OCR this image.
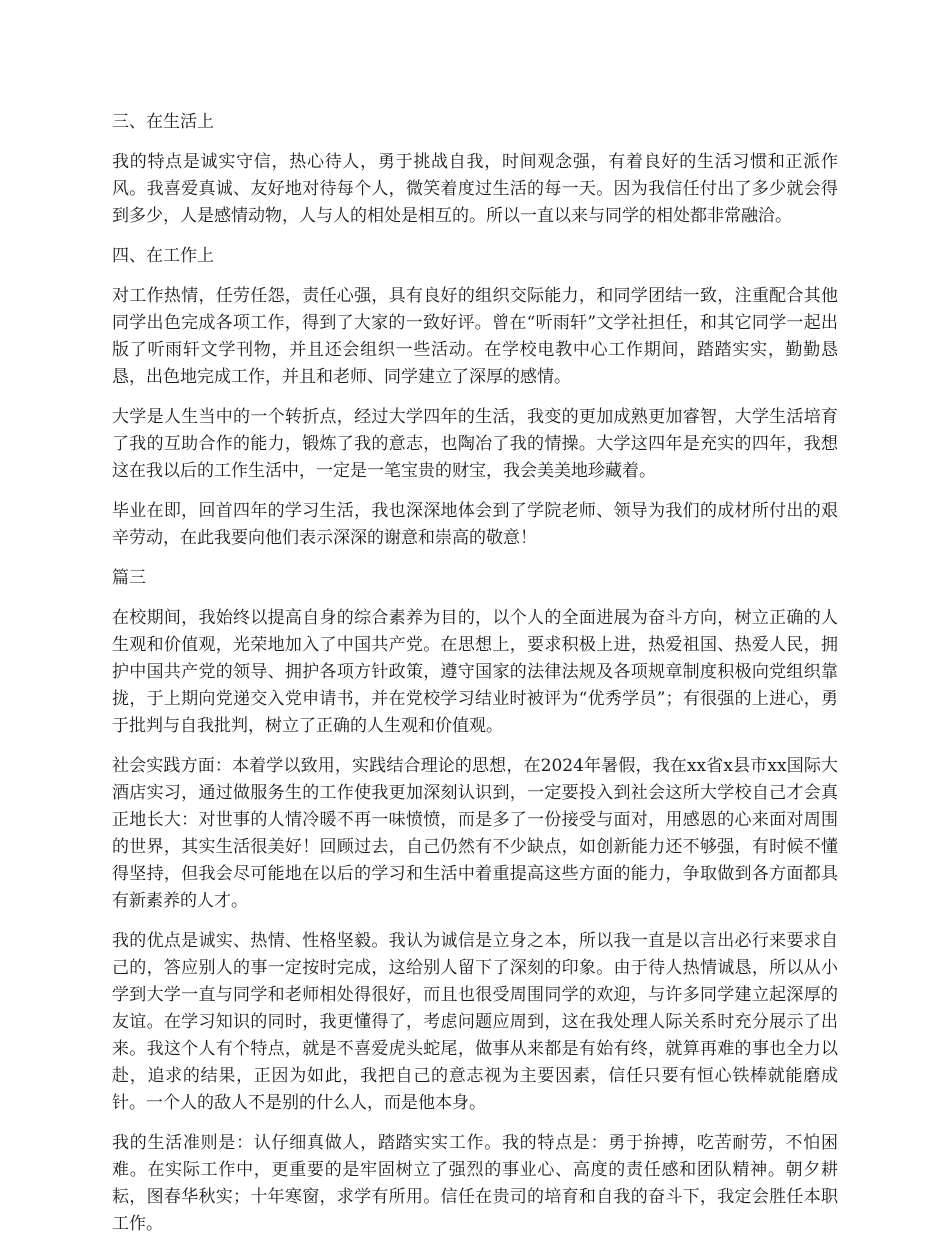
三、在生活上

我的特点是诚实守信，热心待人，勇于挑战自我，时间观念强，有着良好的生活习惯和正派作风。我喜爱真诚、友好地对待每个人，微笑着度过生活的每一天。因为我信任付出了多少就会得到多少，人是感情动物，人与人的相处是相互的。所以一直以来与同学的相处都非常融洽。

四、在工作上

对工作热情，任劳任怨，责任心强，具有良好的组织交际能力，和同学团结一致，注重配合其他同学出色完成各项工作，得到了大家的一致好评。曾在“听雨轩”文学社担任，和其它同学一起出版了听雨轩文学刊物，并且还会组织一些活动。在学校电教中心工作期间，踏踏实实，勤勤恳恳，出色地完成工作，并且和老师、同学建立了深厚的感情。

大学是人生当中的一个转折点，经过大学四年的生活，我变的更加成熟更加睿智，大学生活培育了我的互助合作的能力，锻炼了我的意志，也陶冶了我的情操。大学这四年是充实的四年，我想这在我以后的工作生活中，一定是一笔宝贵的财宝，我会美美地珍藏着。

毕业在即，回首四年的学习生活，我也深深地体会到了学院老师、领导为我们的成材所付出的艰辛劳动，在此我要向他们表示深深的谢意和崇高的敬意！

篇三

在校期间，我始终以提高自身的综合素养为目的，以个人的全面进展为奋斗方向，树立正确的人生观和价值观，光荣地加入了中国共产党。在思想上，要求积极上进，热爱祖国、热爱人民，拥护中国共产党的领导、拥护各项方针政策，遵守国家的法律法规及各项规章制度积极向党组织靠拢，于上期向党递交入党申请书，并在党校学习结业时被评为“优秀学员”；有很强的上进心，勇于批判与自我批判，树立了正确的人生观和价值观。

社会实践方面：本着学以致用，实践结合理论的思想，在2024年暑假，我在xx省x县市xx国际大酒店实习，通过做服务生的工作使我更加深刻认识到，一定要投入到社会这所大学校自己才会真正地长大：对世事的人情冷暖不再一味愤愤，而是多了一份接受与面对，用感恩的心来面对周围的世界，其实生活很美好！回顾过去，自己仍然有不少缺点，如创新能力还不够强，有时候不懂得坚持，但我会尽可能地在以后的学习和生活中着重提高这些方面的能力，争取做到各方面都具有新素养的人才。

我的优点是诚实、热情、性格坚毅。我认为诚信是立身之本，所以我一直是以言出必行来要求自己的，答应别人的事一定按时完成，这给别人留下了深刻的印象。由于待人热情诚恳，所以从小学到大学一直与同学和老师相处得很好，而且也很受周围同学的欢迎，与许多同学建立起深厚的友谊。在学习知识的同时，我更懂得了，考虑问题应周到，这在我处理人际关系时充分展示了出来。我这个人有个特点，就是不喜爱虎头蛇尾，做事从来都是有始有终，就算再难的事也全力以赴，追求的结果，正因为如此，我把自己的意志视为主要因素，信任只要有恒心铁棒就能磨成针。一个人的敌人不是别的什么人，而是他本身。

我的生活准则是：认仔细真做人，踏踏实实工作。我的特点是：勇于拚搏，吃苦耐劳，不怕困难。在实际工作中，更重要的是牢固树立了强烈的事业心、高度的责任感和团队精神。朝夕耕耘，图春华秋实；十年寒窗，求学有所用。信任在贵司的培育和自我的奋斗下，我定会胜任本职工作。
